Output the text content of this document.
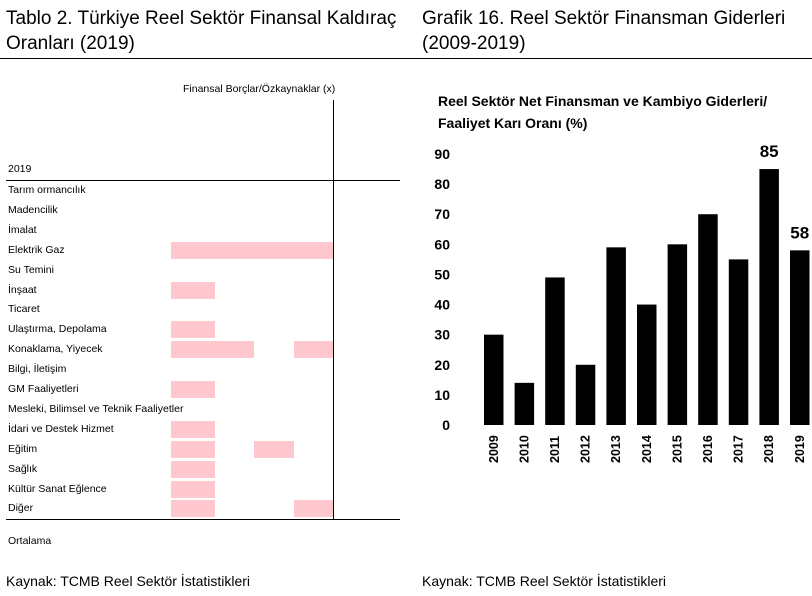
Tablo 2. Türkiye Reel Sektör Finansal Kaldıraç Oranları (2019)
Grafik 16. Reel Sektör Finansman Giderleri (2009-2019)
Finansal Borçlar/Özkaynaklar (x)
2019
Tarım ormancılık
Madencilik
İmalat
Elektrik Gaz
Su Temini
İnşaat
Ticaret
Ulaştırma, Depolama
Konaklama, Yiyecek
Bilgi, İletişim
GM Faaliyetleri
Mesleki, Bilimsel ve Teknik Faaliyetler
İdari ve Destek Hizmet
Eğitim
Sağlık
Kültür Sanat Eğlence
Diğer
Ortalama
Reel Sektör Net Finansman ve Kambiyo Giderleri/
Faaliyet Karı Oranı (%)
0
10
20
30
40
50
60
70
80
90
2009 2010 2011 2012 2013 2014 2015 2016 2017 2018
85
2019
58
Kaynak: TCMB Reel Sektör İstatistikleri	Kaynak: TCMB Reel Sektör İstatistikleri
